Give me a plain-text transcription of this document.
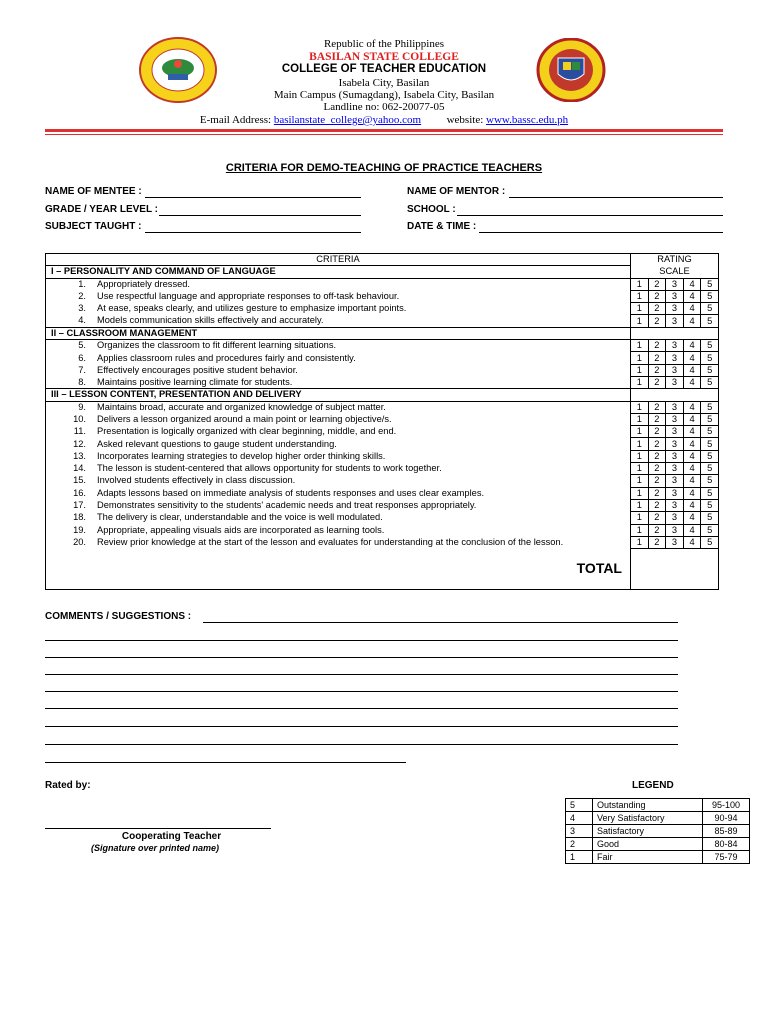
Republic of the Philippines
BASILAN STATE COLLEGE
COLLEGE OF TEACHER EDUCATION
Isabela City, Basilan
Main Campus (Sumagdang), Isabela City, Basilan
Landline no: 062-20077-05
E-mail Address: basilanstate_college@yahoo.com website: www.bassc.edu.ph
CRITERIA FOR DEMO-TEACHING OF PRACTICE TEACHERS
NAME OF MENTEE :
GRADE / YEAR LEVEL :
SUBJECT TAUGHT :
NAME OF MENTOR :
SCHOOL :
DATE & TIME :
CRITERIA	RATING				
I – PERSONALITY AND COMMAND OF LANGUAGE	SCALE				
1. Appropriately dressed.	1	2	3	4	5
2. Use respectful language and appropriate responses to off-task behaviour.	1	2	3	4	5
3. At ease, speaks clearly, and utilizes gesture to emphasize important points.	1	2	3	4	5
4. Models communication skills effectively and accurately.	1	2	3	4	5
II – CLASSROOM MANAGEMENT					
5. Organizes the classroom to fit different learning situations.	1	2	3	4	5
6. Applies classroom rules and procedures fairly and consistently.	1	2	3	4	5
7. Effectively encourages positive student behavior.	1	2	3	4	5
8. Maintains positive learning climate for students.	1	2	3	4	5
III – LESSON CONTENT, PRESENTATION AND DELIVERY					
9. Maintains broad, accurate and organized knowledge of subject matter.	1	2	3	4	5
10. Delivers a lesson organized around a main point or learning objective/s.	1	2	3	4	5
11. Presentation is logically organized with clear beginning, middle, and end.	1	2	3	4	5
12. Asked relevant questions to gauge student understanding.	1	2	3	4	5
13. Incorporates learning strategies to develop higher order thinking skills.	1	2	3	4	5
14. The lesson is student-centered that allows opportunity for students to work together.	1	2	3	4	5
15. Involved students effectively in class discussion.	1	2	3	4	5
16. Adapts lessons based on immediate analysis of students responses and uses clear examples.	1	2	3	4	5
17. Demonstrates sensitivity to the students' academic needs and treat responses appropriately.	1	2	3	4	5
18. The delivery is clear, understandable and the voice is well modulated.	1	2	3	4	5
19. Appropriate, appealing visuals aids are incorporated as learning tools.	1	2	3	4	5
20. Review prior knowledge at the start of the lesson and evaluates for understanding at the conclusion of the lesson.	1	2	3	4	5
TOTAL					
COMMENTS / SUGGESTIONS :
Rated by:
Cooperating Teacher
(Signature over printed name)
LEGEND
5	Outstanding	95-100
4	Very Satisfactory	90-94
3	Satisfactory	85-89
2	Good	80-84
1	Fair	75-79
